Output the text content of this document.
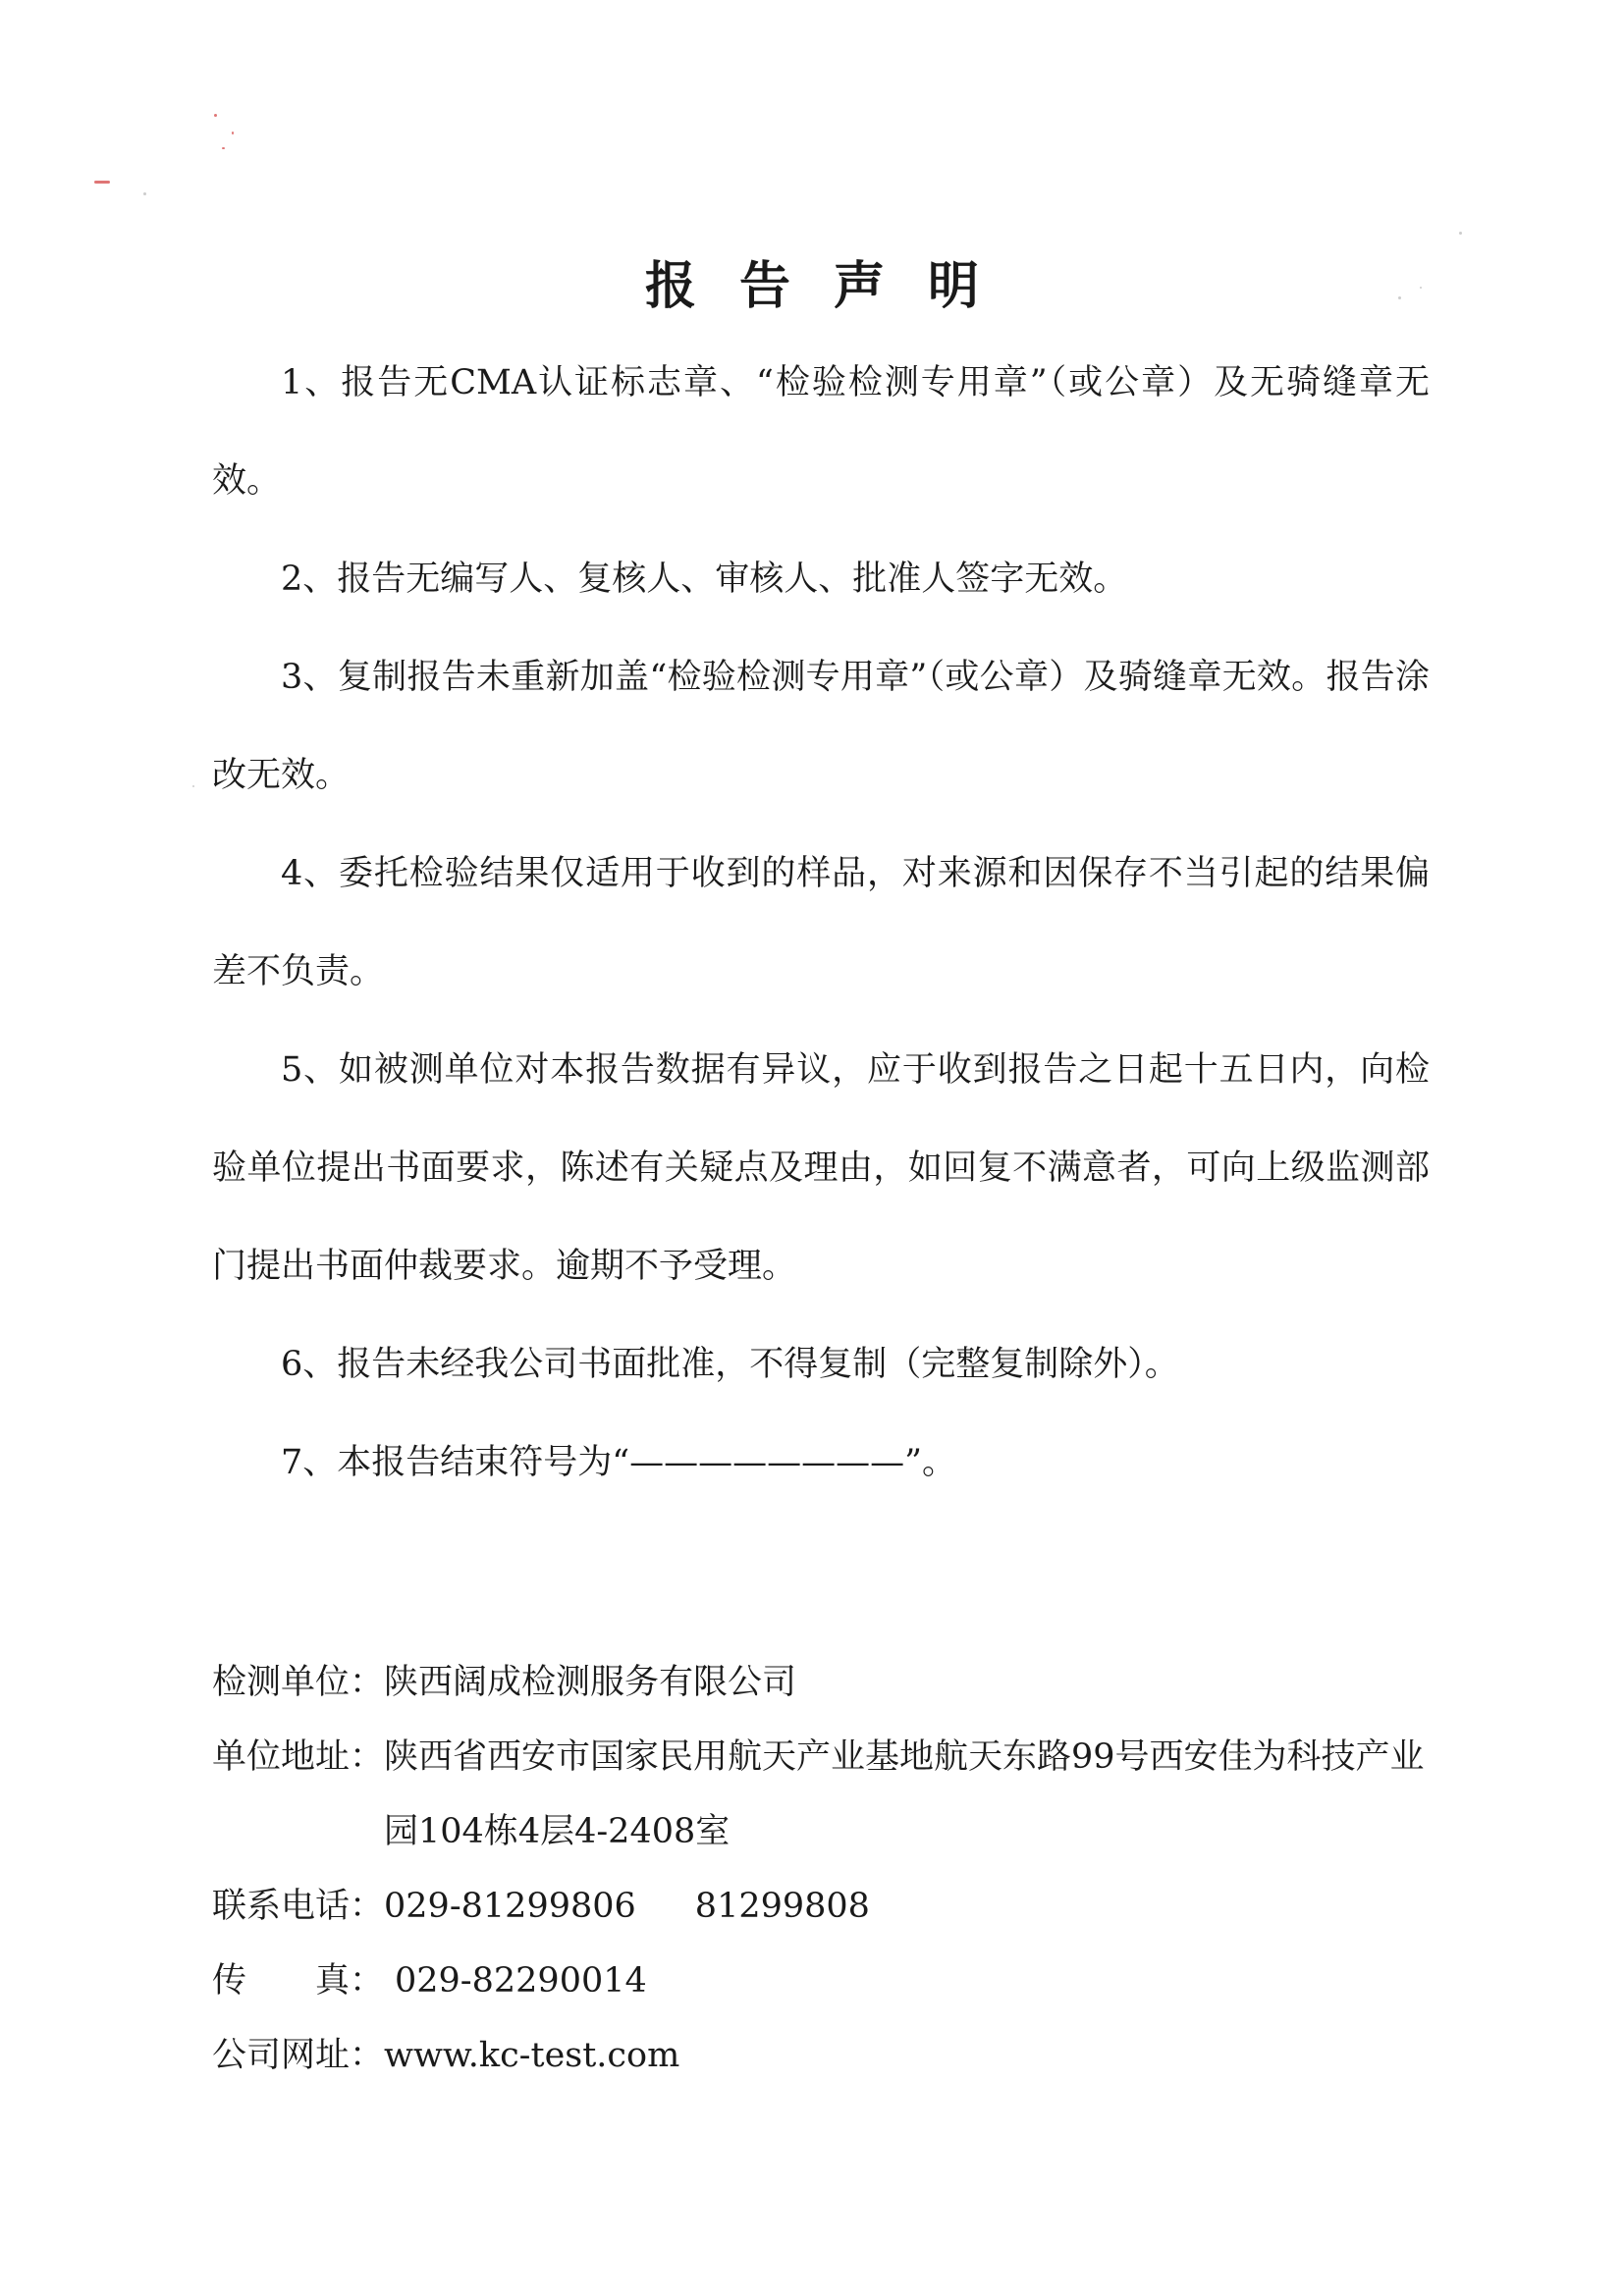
报告声明

1、报告无CMA认证标志章、“检验检测专用章”（或公章）及无骑缝章无效。

2、报告无编写人、复核人、审核人、批准人签字无效。

3、复制报告未重新加盖“检验检测专用章”（或公章）及骑缝章无效。报告涂改无效。

4、委托检验结果仅适用于收到的样品，对来源和因保存不当引起的结果偏差不负责。

5、如被测单位对本报告数据有异议，应于收到报告之日起十五日内，向检验单位提出书面要求，陈述有关疑点及理由，如回复不满意者，可向上级监测部门提出书面仲裁要求。逾期不予受理。

6、报告未经我公司书面批准，不得复制（完整复制除外）。

7、本报告结束符号为“————————”。

检测单位： 陕西阔成检测服务有限公司
单位地址： 陕西省西安市国家民用航天产业基地航天东路99号西安佳为科技产业园104栋4层4-2408室
联系电话： 029-81299806 81299808
传 真： 029-82290014
公司网址： www.kc-test.com
